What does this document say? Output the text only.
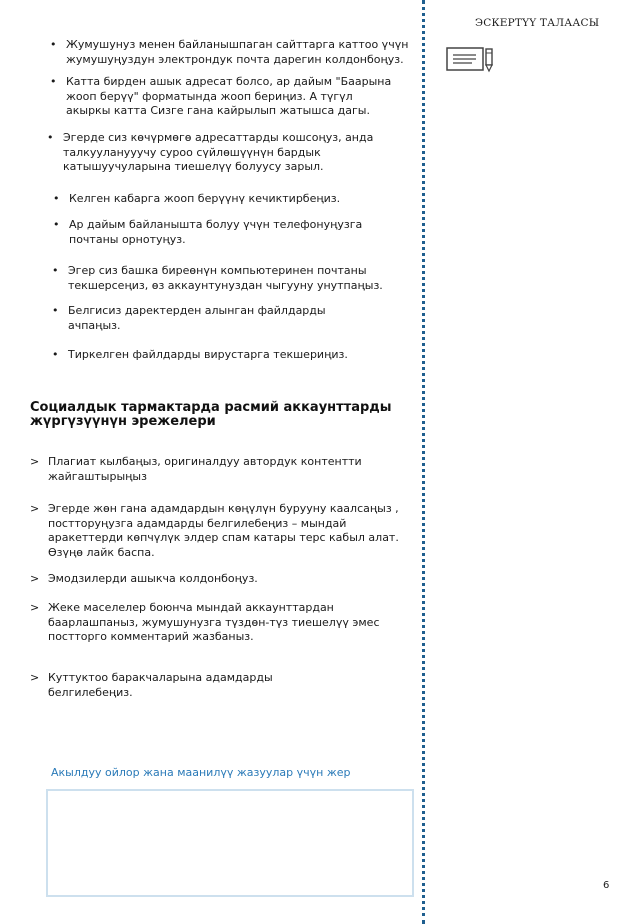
ЭСКЕРТҮҮ ТАЛААСЫ
• Жумушунуз менен байланышпаган сайттарга каттоо үчүн жумушуңуздун электрондук почта дарегин колдонбоңуз.
• Катта бирден ашык адресат болсо, ар дайым "Баарына жооп берүү" форматында жооп бериңиз. А түгүл акыркы катта Сизге гана кайрылып жатышса дагы.
• Эгерде сиз көчүрмөгө адресаттарды кошсоңуз, анда талкууланууучу суроо сүйлөшүүнүн бардык катышуучуларына тиешелүү болуусу зарыл.
• Келген кабарга жооп берүүнү кечиктирбеңиз.
• Ар дайым байланышта болуу үчүн телефонуңузга почтаны орнотуңуз.
• Эгер сиз башка биреөнүн компьютеринен почтаны текшерсеңиз, өз аккаунтунуздан чыгууну унутпаңыз.
• Белгисиз даректерден алынган файлдарды ачпаңыз.
• Тиркелген файлдарды вирустарга текшериңиз.
Социалдык тармактарда расмий аккаунттарды жүргүзүүнүн эрежелери
> Плагиат кылбаңыз, оригиналдуу автордук контентти жайгаштырыңыз
> Эгерде жөн гана адамдардын көңүлүн бурууну каалсаңыз , постторуңузга адамдарды белгилебеңиз – мындай аракеттерди көпчүлүк элдер спам катары терс кабыл алат. Өзүңө лайк баспа.
> Эмодзилерди ашыкча колдонбоңуз.
> Жеке маселелер боюнча мындай аккаунттардан баарлашпаныз, жумушунузга түздөн-түз тиешелүү эмес постторго комментарий жазбаныз.
> Куттуктоо баракчаларына адамдарды белгилебеңиз.
Акылдуу ойлор жана маанилүү жазуулар үчүн жер
6
